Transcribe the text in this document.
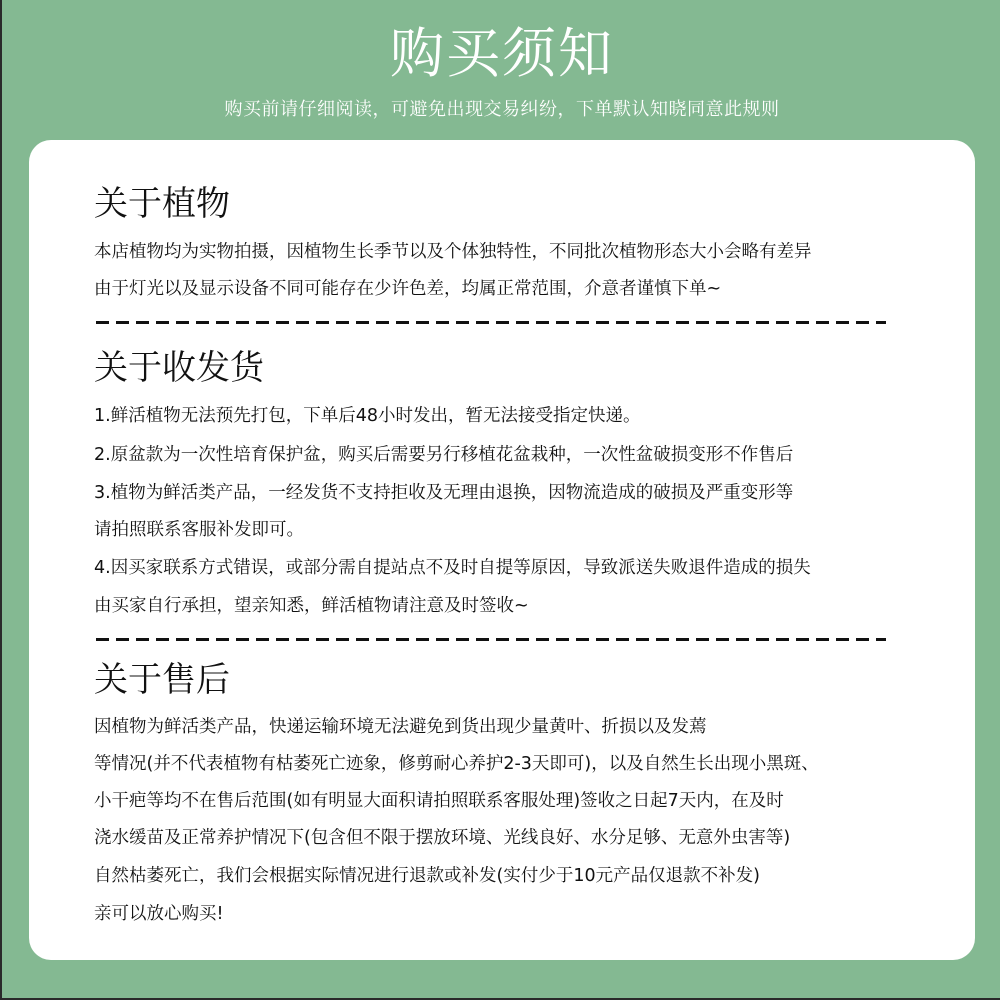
购买须知
购买前请仔细阅读，可避免出现交易纠纷，下单默认知晓同意此规则
关于植物
本店植物均为实物拍摄，因植物生长季节以及个体独特性，不同批次植物形态大小会略有差异
由于灯光以及显示设备不同可能存在少许色差，均属正常范围，介意者谨慎下单~
关于收发货
1.鲜活植物无法预先打包，下单后48小时发出，暂无法接受指定快递。
2.原盆款为一次性培育保护盆，购买后需要另行移植花盆栽种，一次性盆破损变形不作售后
3.植物为鲜活类产品，一经发货不支持拒收及无理由退换，因物流造成的破损及严重变形等
请拍照联系客服补发即可。
4.因买家联系方式错误，或部分需自提站点不及时自提等原因，导致派送失败退件造成的损失
由买家自行承担，望亲知悉，鲜活植物请注意及时签收~
关于售后
因植物为鲜活类产品，快递运输环境无法避免到货出现少量黄叶、折损以及发蔫
等情况(并不代表植物有枯萎死亡迹象，修剪耐心养护2-3天即可)，以及自然生长出现小黑斑、
小干疤等均不在售后范围(如有明显大面积请拍照联系客服处理)签收之日起7天内，在及时
浇水缓苗及正常养护情况下(包含但不限于摆放环境、光线良好、水分足够、无意外虫害等)
自然枯萎死亡，我们会根据实际情况进行退款或补发(实付少于10元产品仅退款不补发)
亲可以放心购买!
